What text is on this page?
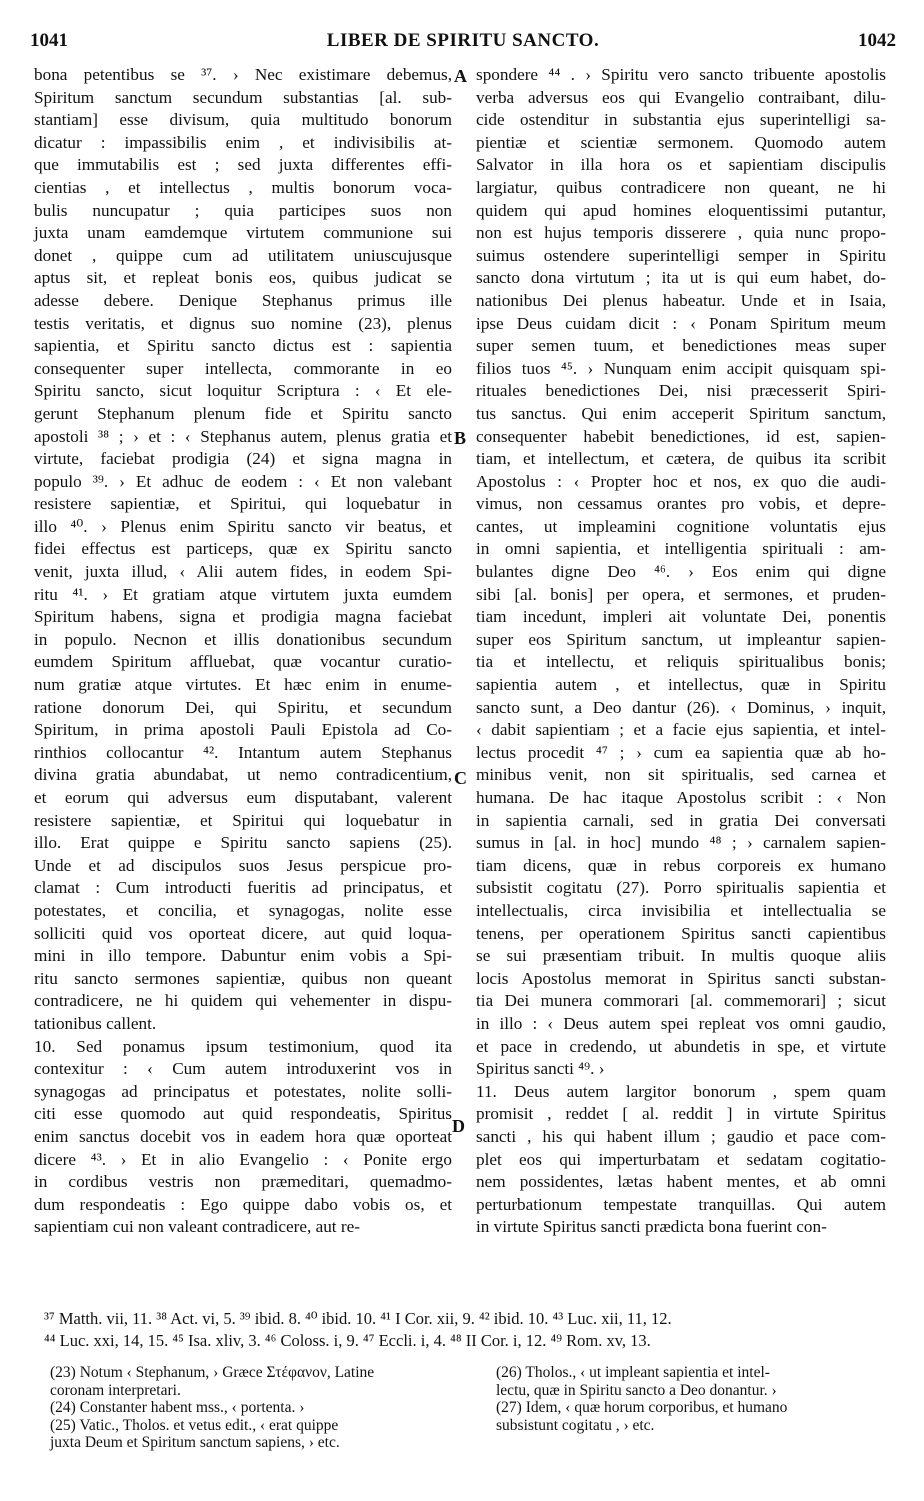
1041	LIBER DE SPIRITU SANCTO.	1042
bona petentibus se ³⁷. › Nec existimare debemus,
Spiritum sanctum secundum substantias [al. sub-
stantiam] esse divisum, quia multitudo bonorum
dicatur : impassibilis enim , et indivisibilis at-
que immutabilis est ; sed juxta differentes effi-
cientias , et intellectus , multis bonorum voca-
bulis nuncupatur ; quia participes suos non
juxta unam eamdemque virtutem communione sui
donet , quippe cum ad utilitatem uniuscujusque
aptus sit, et repleat bonis eos, quibus judicat se
adesse debere. Denique Stephanus primus ille
testis veritatis, et dignus suo nomine (23), plenus
sapientia, et Spiritu sancto dictus est : sapientia
consequenter super intellecta, commorante in eo
Spiritu sancto, sicut loquitur Scriptura : ‹ Et ele-
gerunt Stephanum plenum fide et Spiritu sancto
apostoli ³⁸ ; › et : ‹ Stephanus autem, plenus gratia et
virtute, faciebat prodigia (24) et signa magna in
populo ³⁹. › Et adhuc de eodem : ‹ Et non valebant
resistere sapientiæ, et Spiritui, qui loquebatur in
illo ⁴⁰. › Plenus enim Spiritu sancto vir beatus, et
fidei effectus est particeps, quæ ex Spiritu sancto
venit, juxta illud, ‹ Alii autem fides, in eodem Spi-
ritu ⁴¹. › Et gratiam atque virtutem juxta eumdem
Spiritum habens, signa et prodigia magna faciebat
in populo. Necnon et illis donationibus secundum
eumdem Spiritum affluebat, quæ vocantur curatio-
num gratiæ atque virtutes. Et hæc enim in enume-
ratione donorum Dei, qui Spiritu, et secundum
Spiritum, in prima apostoli Pauli Epistola ad Co-
rinthios collocantur ⁴². Intantum autem Stephanus
divina gratia abundabat, ut nemo contradicentium,
et eorum qui adversus eum disputabant, valerent
resistere sapientiæ, et Spiritui qui loquebatur in
illo. Erat quippe e Spiritu sancto sapiens (25).
Unde et ad discipulos suos Jesus perspicue pro-
clamat : Cum introducti fueritis ad principatus, et
potestates, et concilia, et synagogas, nolite esse
solliciti quid vos oporteat dicere, aut quid loqua-
mini in illo tempore. Dabuntur enim vobis a Spi-
ritu sancto sermones sapientiæ, quibus non queant
contradicere, ne hi quidem qui vehementer in dispu-
tationibus callent.
10. Sed ponamus ipsum testimonium, quod ita
contexitur : ‹ Cum autem introduxerint vos in
synagogas ad principatus et potestates, nolite solli-
citi esse quomodo aut quid respondeatis, Spiritus
enim sanctus docebit vos in eadem hora quæ oporteat
dicere ⁴³. › Et in alio Evangelio : ‹ Ponite ergo
in cordibus vestris non præmeditari, quemadmo-
dum respondeatis : Ego quippe dabo vobis os, et
sapientiam cui non valeant contradicere, aut re-
spondere ⁴⁴ . › Spiritu vero sancto tribuente apostolis
verba adversus eos qui Evangelio contraibant, dilu-
cide ostenditur in substantia ejus superintelligi sa-
pientiæ et scientiæ sermonem. Quomodo autem
Salvator in illa hora os et sapientiam discipulis
largiatur, quibus contradicere non queant, ne hi
quidem qui apud homines eloquentissimi putantur,
non est hujus temporis disserere , quia nunc propo-
suimus ostendere superintelligi semper in Spiritu
sancto dona virtutum ; ita ut is qui eum habet, do-
nationibus Dei plenus habeatur. Unde et in Isaia,
ipse Deus cuidam dicit : ‹ Ponam Spiritum meum
super semen tuum, et benedictiones meas super
filios tuos ⁴⁵. › Nunquam enim accipit quisquam spi-
rituales benedictiones Dei, nisi præcesserit Spiri-
tus sanctus. Qui enim acceperit Spiritum sanctum,
consequenter habebit benedictiones, id est, sapien-
tiam, et intellectum, et cætera, de quibus ita scribit
Apostolus : ‹ Propter hoc et nos, ex quo die audi-
vimus, non cessamus orantes pro vobis, et depre-
cantes, ut impleamini cognitione voluntatis ejus
in omni sapientia, et intelligentia spirituali : am-
bulantes digne Deo ⁴⁶. › Eos enim qui digne
sibi [al. bonis] per opera, et sermones, et pruden-
tiam incedunt, impleri ait voluntate Dei, ponentis
super eos Spiritum sanctum, ut impleantur sapien-
tia et intellectu, et reliquis spiritualibus bonis;
sapientia autem , et intellectus, quæ in Spiritu
sancto sunt, a Deo dantur (26). ‹ Dominus, › inquit,
‹ dabit sapientiam ; et a facie ejus sapientia, et intel-
lectus procedit ⁴⁷ ; › cum ea sapientia quæ ab ho-
minibus venit, non sit spiritualis, sed carnea et
humana. De hac itaque Apostolus scribit : ‹ Non
in sapientia carnali, sed in gratia Dei conversati
sumus in [al. in hoc] mundo ⁴⁸ ; › carnalem sapien-
tiam dicens, quæ in rebus corporeis ex humano
subsistit cogitatu (27). Porro spiritualis sapientia et
intellectualis, circa invisibilia et intellectualia se
tenens, per operationem Spiritus sancti capientibus
se sui præsentiam tribuit. In multis quoque aliis
locis Apostolus memorat in Spiritus sancti substan-
tia Dei munera commorari [al. commemorari] ; sicut
in illo : ‹ Deus autem spei repleat vos omni gaudio,
et pace in credendo, ut abundetis in spe, et virtute
Spiritus sancti ⁴⁹. ›
11. Deus autem largitor bonorum , spem quam
promisit , reddet [ al. reddit ] in virtute Spiritus
sancti , his qui habent illum ; gaudio et pace com-
plet eos qui imperturbatam et sedatam cogitatio-
nem possidentes, lætas habent mentes, et ab omni
perturbationum tempestate tranquillas. Qui autem
in virtute Spiritus sancti prædicta bona fuerint con-
A
B
C
D
³⁷ Matth. vii, 11. ³⁸ Act. vi, 5. ³⁹ ibid. 8. ⁴⁰ ibid. 10. ⁴¹ I Cor. xii, 9. ⁴² ibid. 10. ⁴³ Luc. xii, 11, 12.
⁴⁴ Luc. xxi, 14, 15. ⁴⁵ Isa. xliv, 3. ⁴⁶ Coloss. i, 9. ⁴⁷ Eccli. i, 4. ⁴⁸ II Cor. i, 12. ⁴⁹ Rom. xv, 13.
(23) Notum ‹ Stephanum, › Græce Στέφανον, Latine
coronam interpretari.
(24) Constanter habent mss., ‹ portenta. ›
(25) Vatic., Tholos. et vetus edit., ‹ erat quippe
juxta Deum et Spiritum sanctum sapiens, › etc.
(26) Tholos., ‹ ut impleant sapientia et intel-
lectu, quæ in Spiritu sancto a Deo donantur. ›
(27) Idem, ‹ quæ horum corporibus, et humano
subsistunt cogitatu , › etc.
